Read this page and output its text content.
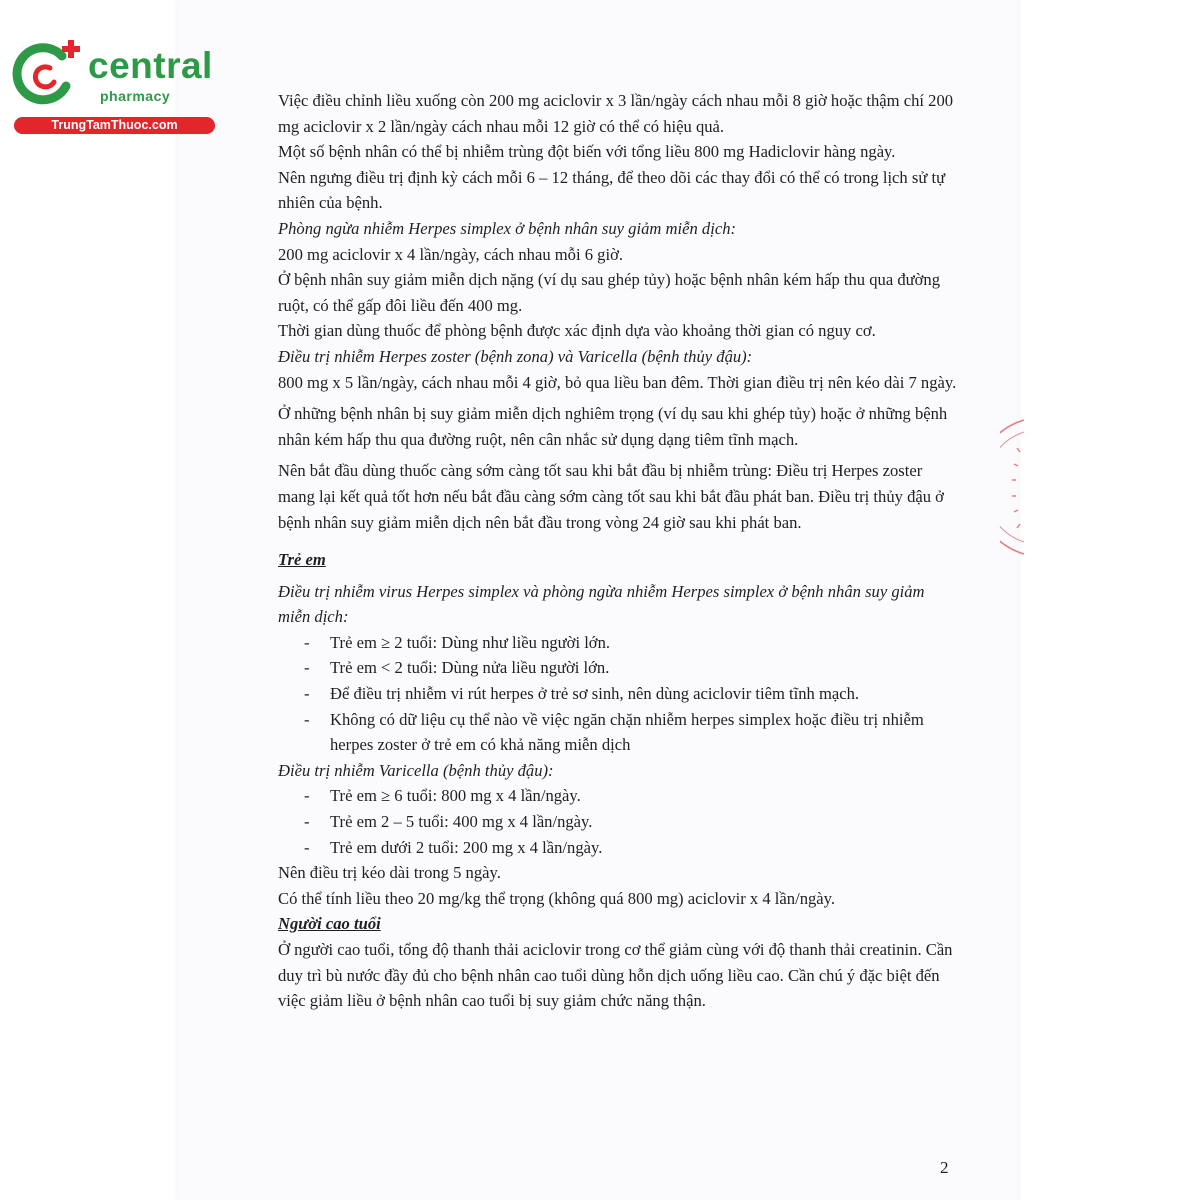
central
pharmacy
TrungTamThuoc.com

Việc điều chỉnh liều xuống còn 200 mg aciclovir x 3 lần/ngày cách nhau mỗi 8 giờ hoặc thậm chí 200 mg aciclovir x 2 lần/ngày cách nhau mỗi 12 giờ có thể có hiệu quả.

Một số bệnh nhân có thể bị nhiễm trùng đột biến với tổng liều 800 mg Hadiclovir hàng ngày.

Nên ngưng điều trị định kỳ cách mỗi 6 – 12 tháng, để theo dõi các thay đổi có thể có trong lịch sử tự nhiên của bệnh.

Phòng ngừa nhiễm Herpes simplex ở bệnh nhân suy giảm miễn dịch:

200 mg aciclovir x 4 lần/ngày, cách nhau mỗi 6 giờ.

Ở bệnh nhân suy giảm miễn dịch nặng (ví dụ sau ghép tủy) hoặc bệnh nhân kém hấp thu qua đường ruột, có thể gấp đôi liều đến 400 mg.

Thời gian dùng thuốc để phòng bệnh được xác định dựa vào khoảng thời gian có nguy cơ.

Điều trị nhiễm Herpes zoster (bệnh zona) và Varicella (bệnh thủy đậu):

800 mg x 5 lần/ngày, cách nhau mỗi 4 giờ, bỏ qua liều ban đêm. Thời gian điều trị nên kéo dài 7 ngày.

Ở những bệnh nhân bị suy giảm miễn dịch nghiêm trọng (ví dụ sau khi ghép tủy) hoặc ở những bệnh nhân kém hấp thu qua đường ruột, nên cân nhắc sử dụng dạng tiêm tĩnh mạch.

Nên bắt đầu dùng thuốc càng sớm càng tốt sau khi bắt đầu bị nhiễm trùng: Điều trị Herpes zoster mang lại kết quả tốt hơn nếu bắt đầu càng sớm càng tốt sau khi bắt đầu phát ban. Điều trị thủy đậu ở bệnh nhân suy giảm miễn dịch nên bắt đầu trong vòng 24 giờ sau khi phát ban.

Trẻ em

Điều trị nhiễm virus Herpes simplex và phòng ngừa nhiễm Herpes simplex ở bệnh nhân suy giảm miễn dịch:

- Trẻ em ≥ 2 tuổi: Dùng như liều người lớn.
- Trẻ em < 2 tuổi: Dùng nửa liều người lớn.
- Để điều trị nhiễm vi rút herpes ở trẻ sơ sinh, nên dùng aciclovir tiêm tĩnh mạch.
- Không có dữ liệu cụ thể nào về việc ngăn chặn nhiễm herpes simplex hoặc điều trị nhiễm herpes zoster ở trẻ em có khả năng miễn dịch

Điều trị nhiễm Varicella (bệnh thủy đậu):

- Trẻ em ≥ 6 tuổi: 800 mg x 4 lần/ngày.
- Trẻ em 2 – 5 tuổi: 400 mg x 4 lần/ngày.
- Trẻ em dưới 2 tuổi: 200 mg x 4 lần/ngày.

Nên điều trị kéo dài trong 5 ngày.

Có thể tính liều theo 20 mg/kg thể trọng (không quá 800 mg) aciclovir x 4 lần/ngày.

Người cao tuổi

Ở người cao tuổi, tổng độ thanh thải aciclovir trong cơ thể giảm cùng với độ thanh thải creatinin. Cần duy trì bù nước đầy đủ cho bệnh nhân cao tuổi dùng hỗn dịch uống liều cao. Cần chú ý đặc biệt đến việc giảm liều ở bệnh nhân cao tuổi bị suy giảm chức năng thận.

2
